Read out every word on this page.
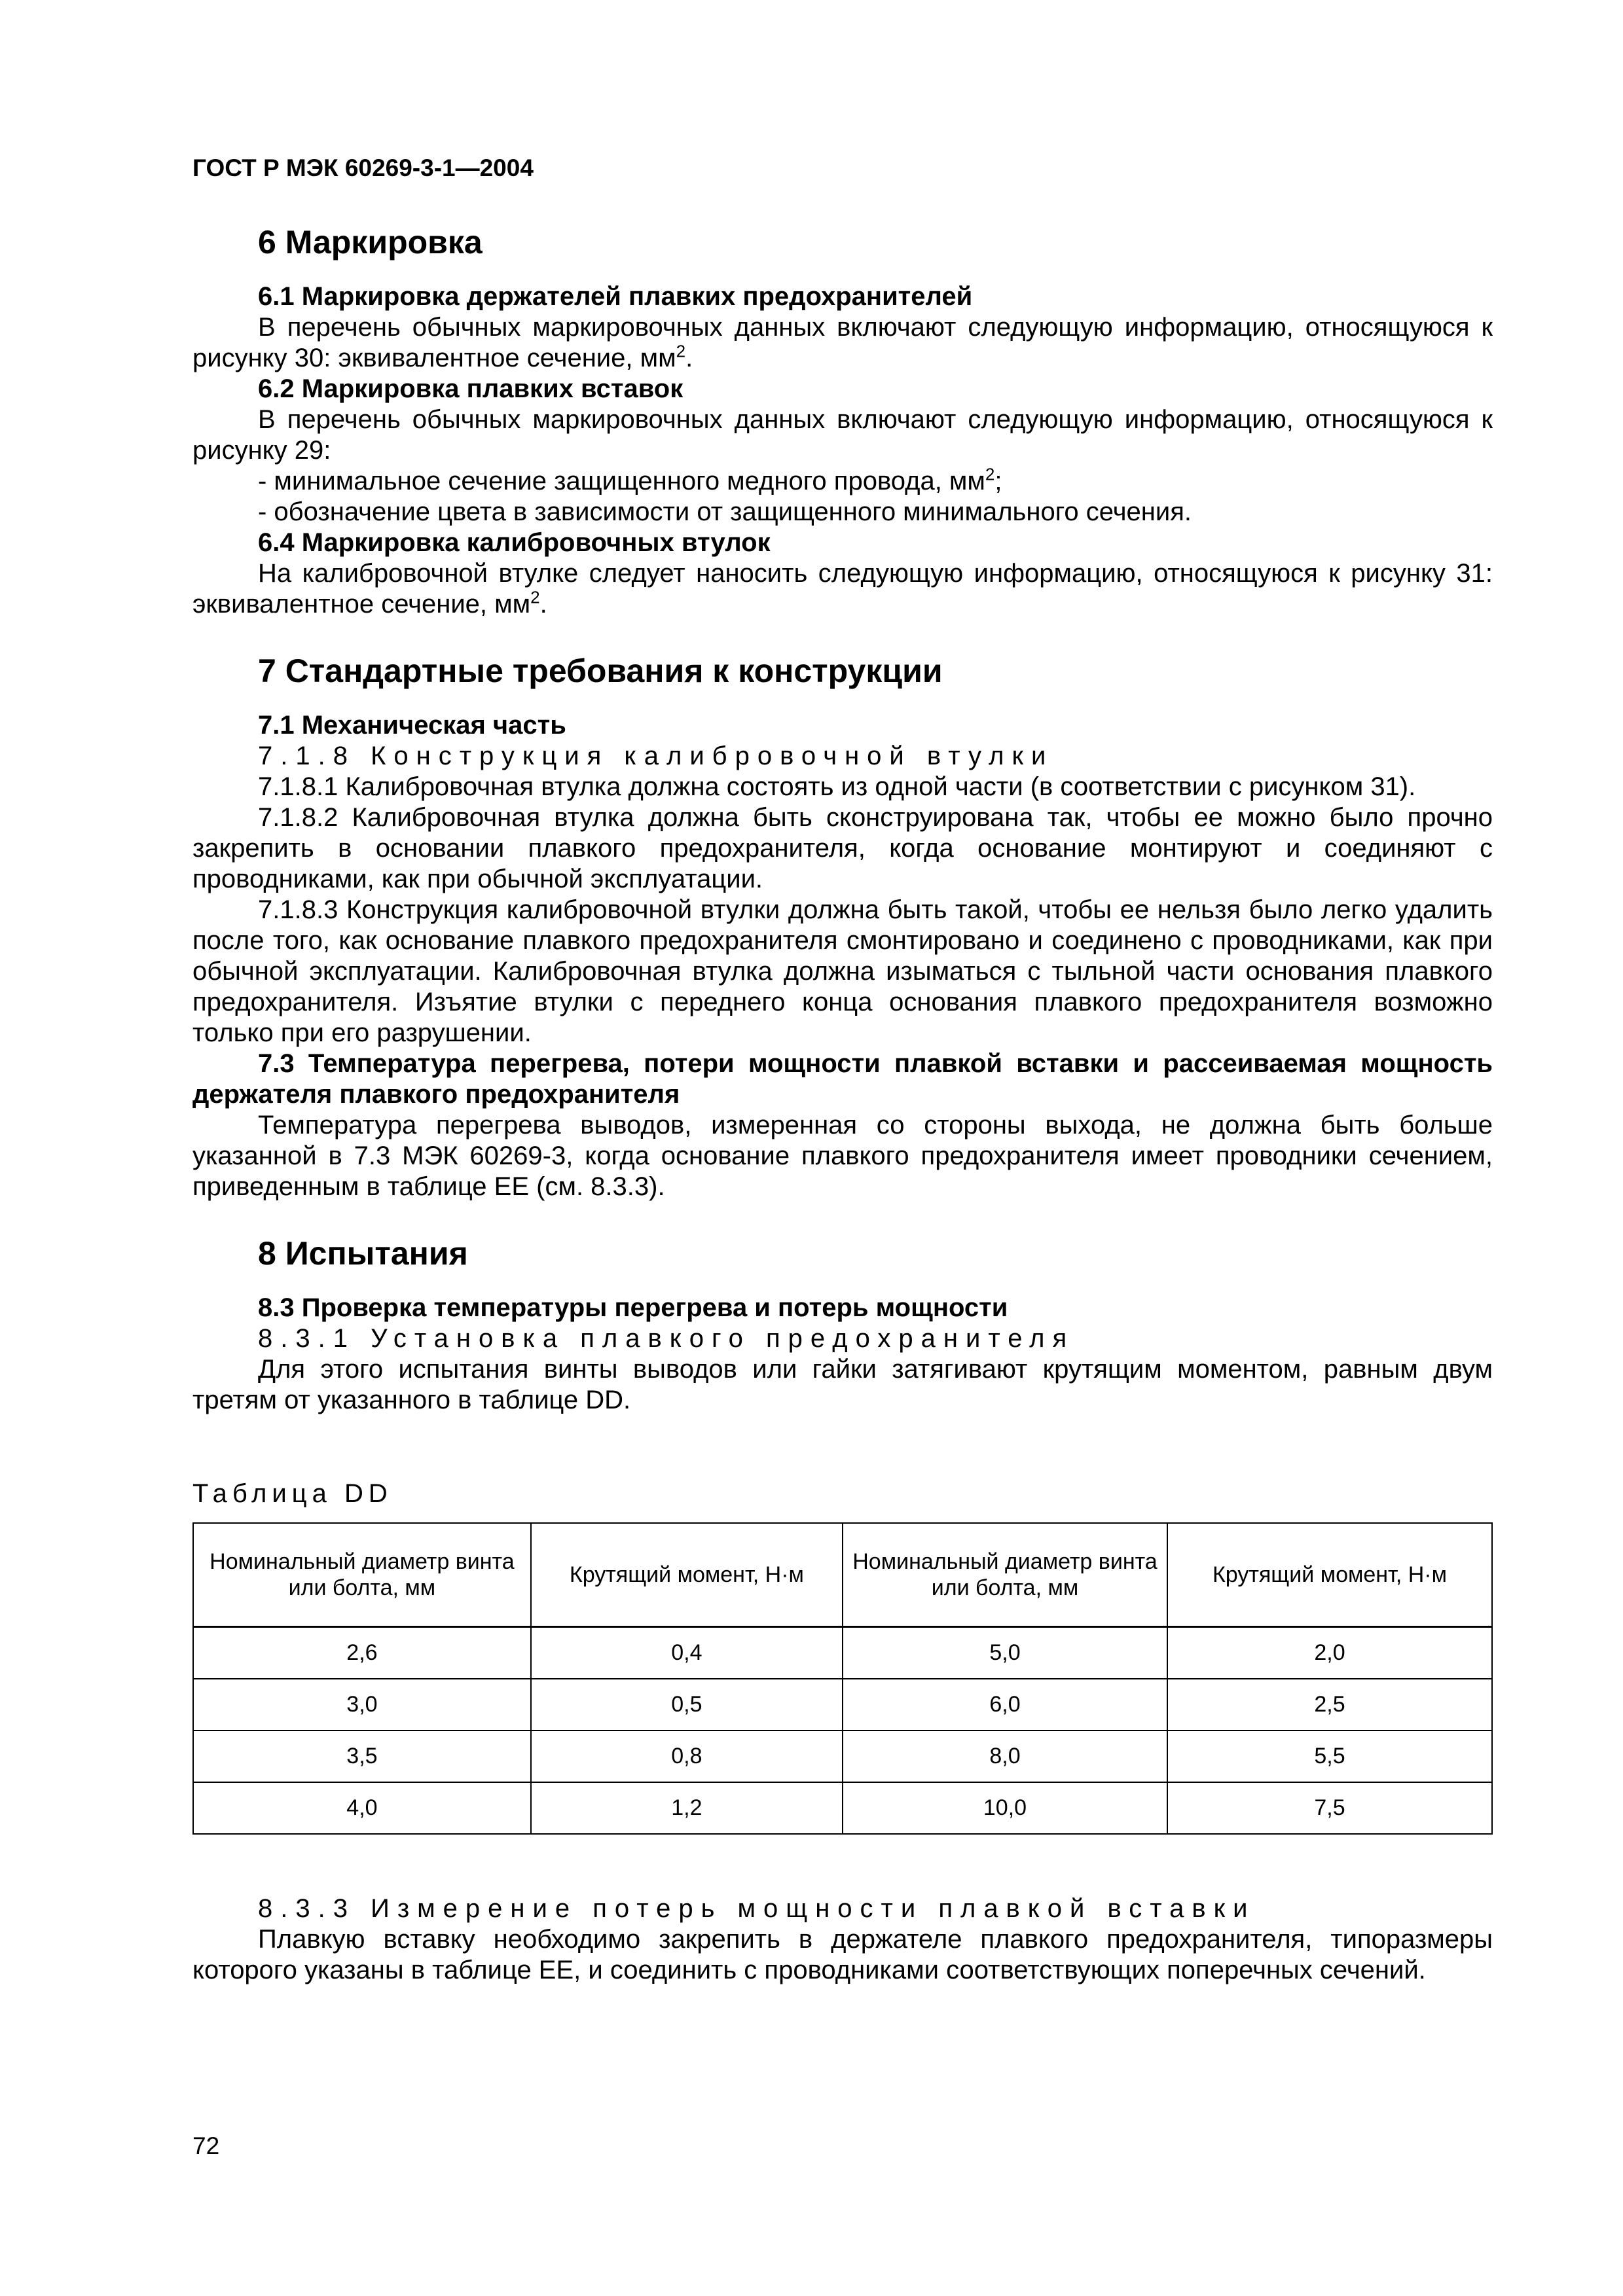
ГОСТ Р МЭК 60269-3-1—2004

6 Маркировка

6.1 Маркировка держателей плавких предохранителей

В перечень обычных маркировочных данных включают следующую информацию, относящуюся к рисунку 30: эквивалентное сечение, $мм^2$.

6.2 Маркировка плавких вставок

В перечень обычных маркировочных данных включают следующую информацию, относящуюся к рисунку 29:

- минимальное сечение защищенного медного провода, $мм^2$;

- обозначение цвета в зависимости от защищенного минимального сечения.

6.4 Маркировка калибровочных втулок

На калибровочной втулке следует наносить следующую информацию, относящуюся к рисунку 31: эквивалентное сечение, $мм^2$.

7 Стандартные требования к конструкции

7.1 Механическая часть

7.1.8 Конструкция калибровочной втулки

7.1.8.1 Калибровочная втулка должна состоять из одной части (в соответствии с рисунком 31).

7.1.8.2 Калибровочная втулка должна быть сконструирована так, чтобы ее можно было прочно закрепить в основании плавкого предохранителя, когда основание монтируют и соединяют с проводниками, как при обычной эксплуатации.

7.1.8.3 Конструкция калибровочной втулки должна быть такой, чтобы ее нельзя было легко удалить после того, как основание плавкого предохранителя смонтировано и соединено с проводниками, как при обычной эксплуатации. Калибровочная втулка должна изыматься с тыльной части основания плавкого предохранителя. Изъятие втулки с переднего конца основания плавкого предохранителя возможно только при его разрушении.

7.3 Температура перегрева, потери мощности плавкой вставки и рассеиваемая мощность держателя плавкого предохранителя

Температура перегрева выводов, измеренная со стороны выхода, не должна быть больше указанной в 7.3 МЭК 60269-3, когда основание плавкого предохранителя имеет проводники сечением, приведенным в таблице ЕЕ (см. 8.3.3).

8 Испытания

8.3 Проверка температуры перегрева и потерь мощности

8.3.1 Установка плавкого предохранителя

Для этого испытания винты выводов или гайки затягивают крутящим моментом, равным двум третям от указанного в таблице DD.

Таблица DD

Номинальный диаметр винта или болта, мм	Крутящий момент, Н·м	Номинальный диаметр винта или болта, мм	Крутящий момент, Н·м
2,6	0,4	5,0	2,0
3,0	0,5	6,0	2,5
3,5	0,8	8,0	5,5
4,0	1,2	10,0	7,5

8.3.3 Измерение потерь мощности плавкой вставки

Плавкую вставку необходимо закрепить в держателе плавкого предохранителя, типоразмеры которого указаны в таблице ЕЕ, и соединить с проводниками соответствующих поперечных сечений.

72
